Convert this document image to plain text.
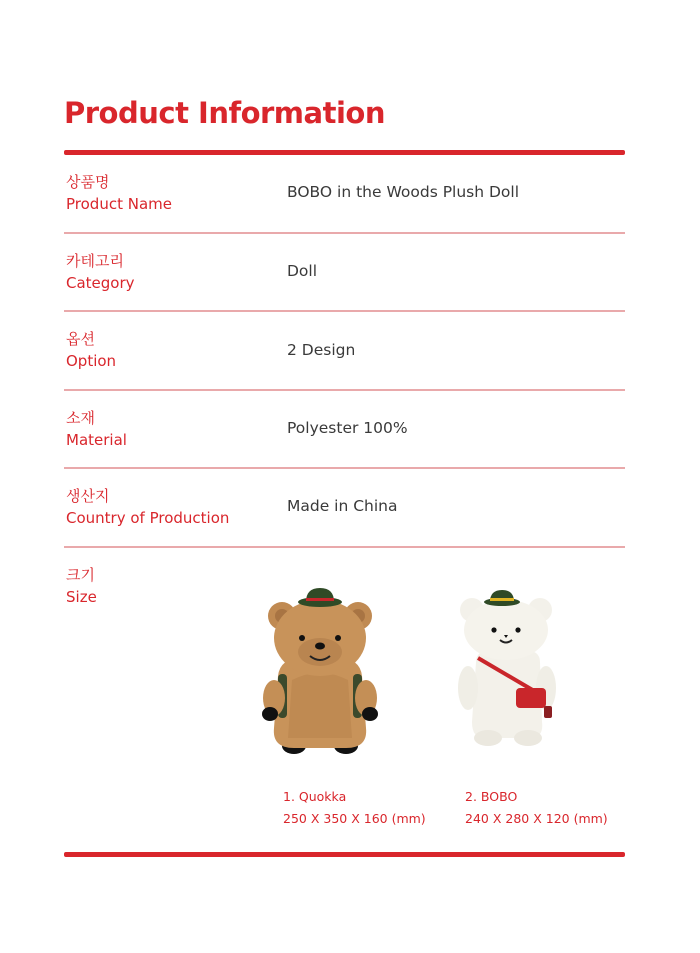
Product Information
상품명
Product Name
BOBO in the Woods Plush Doll
카테고리
Category
Doll
옵션
Option
2 Design
소재
Material
Polyester 100%
생산지
Country of Production
Made in China
크기
Size
1. Quokka
250 X 350 X 160 (mm)
2. BOBO
240 X 280 X 120 (mm)
